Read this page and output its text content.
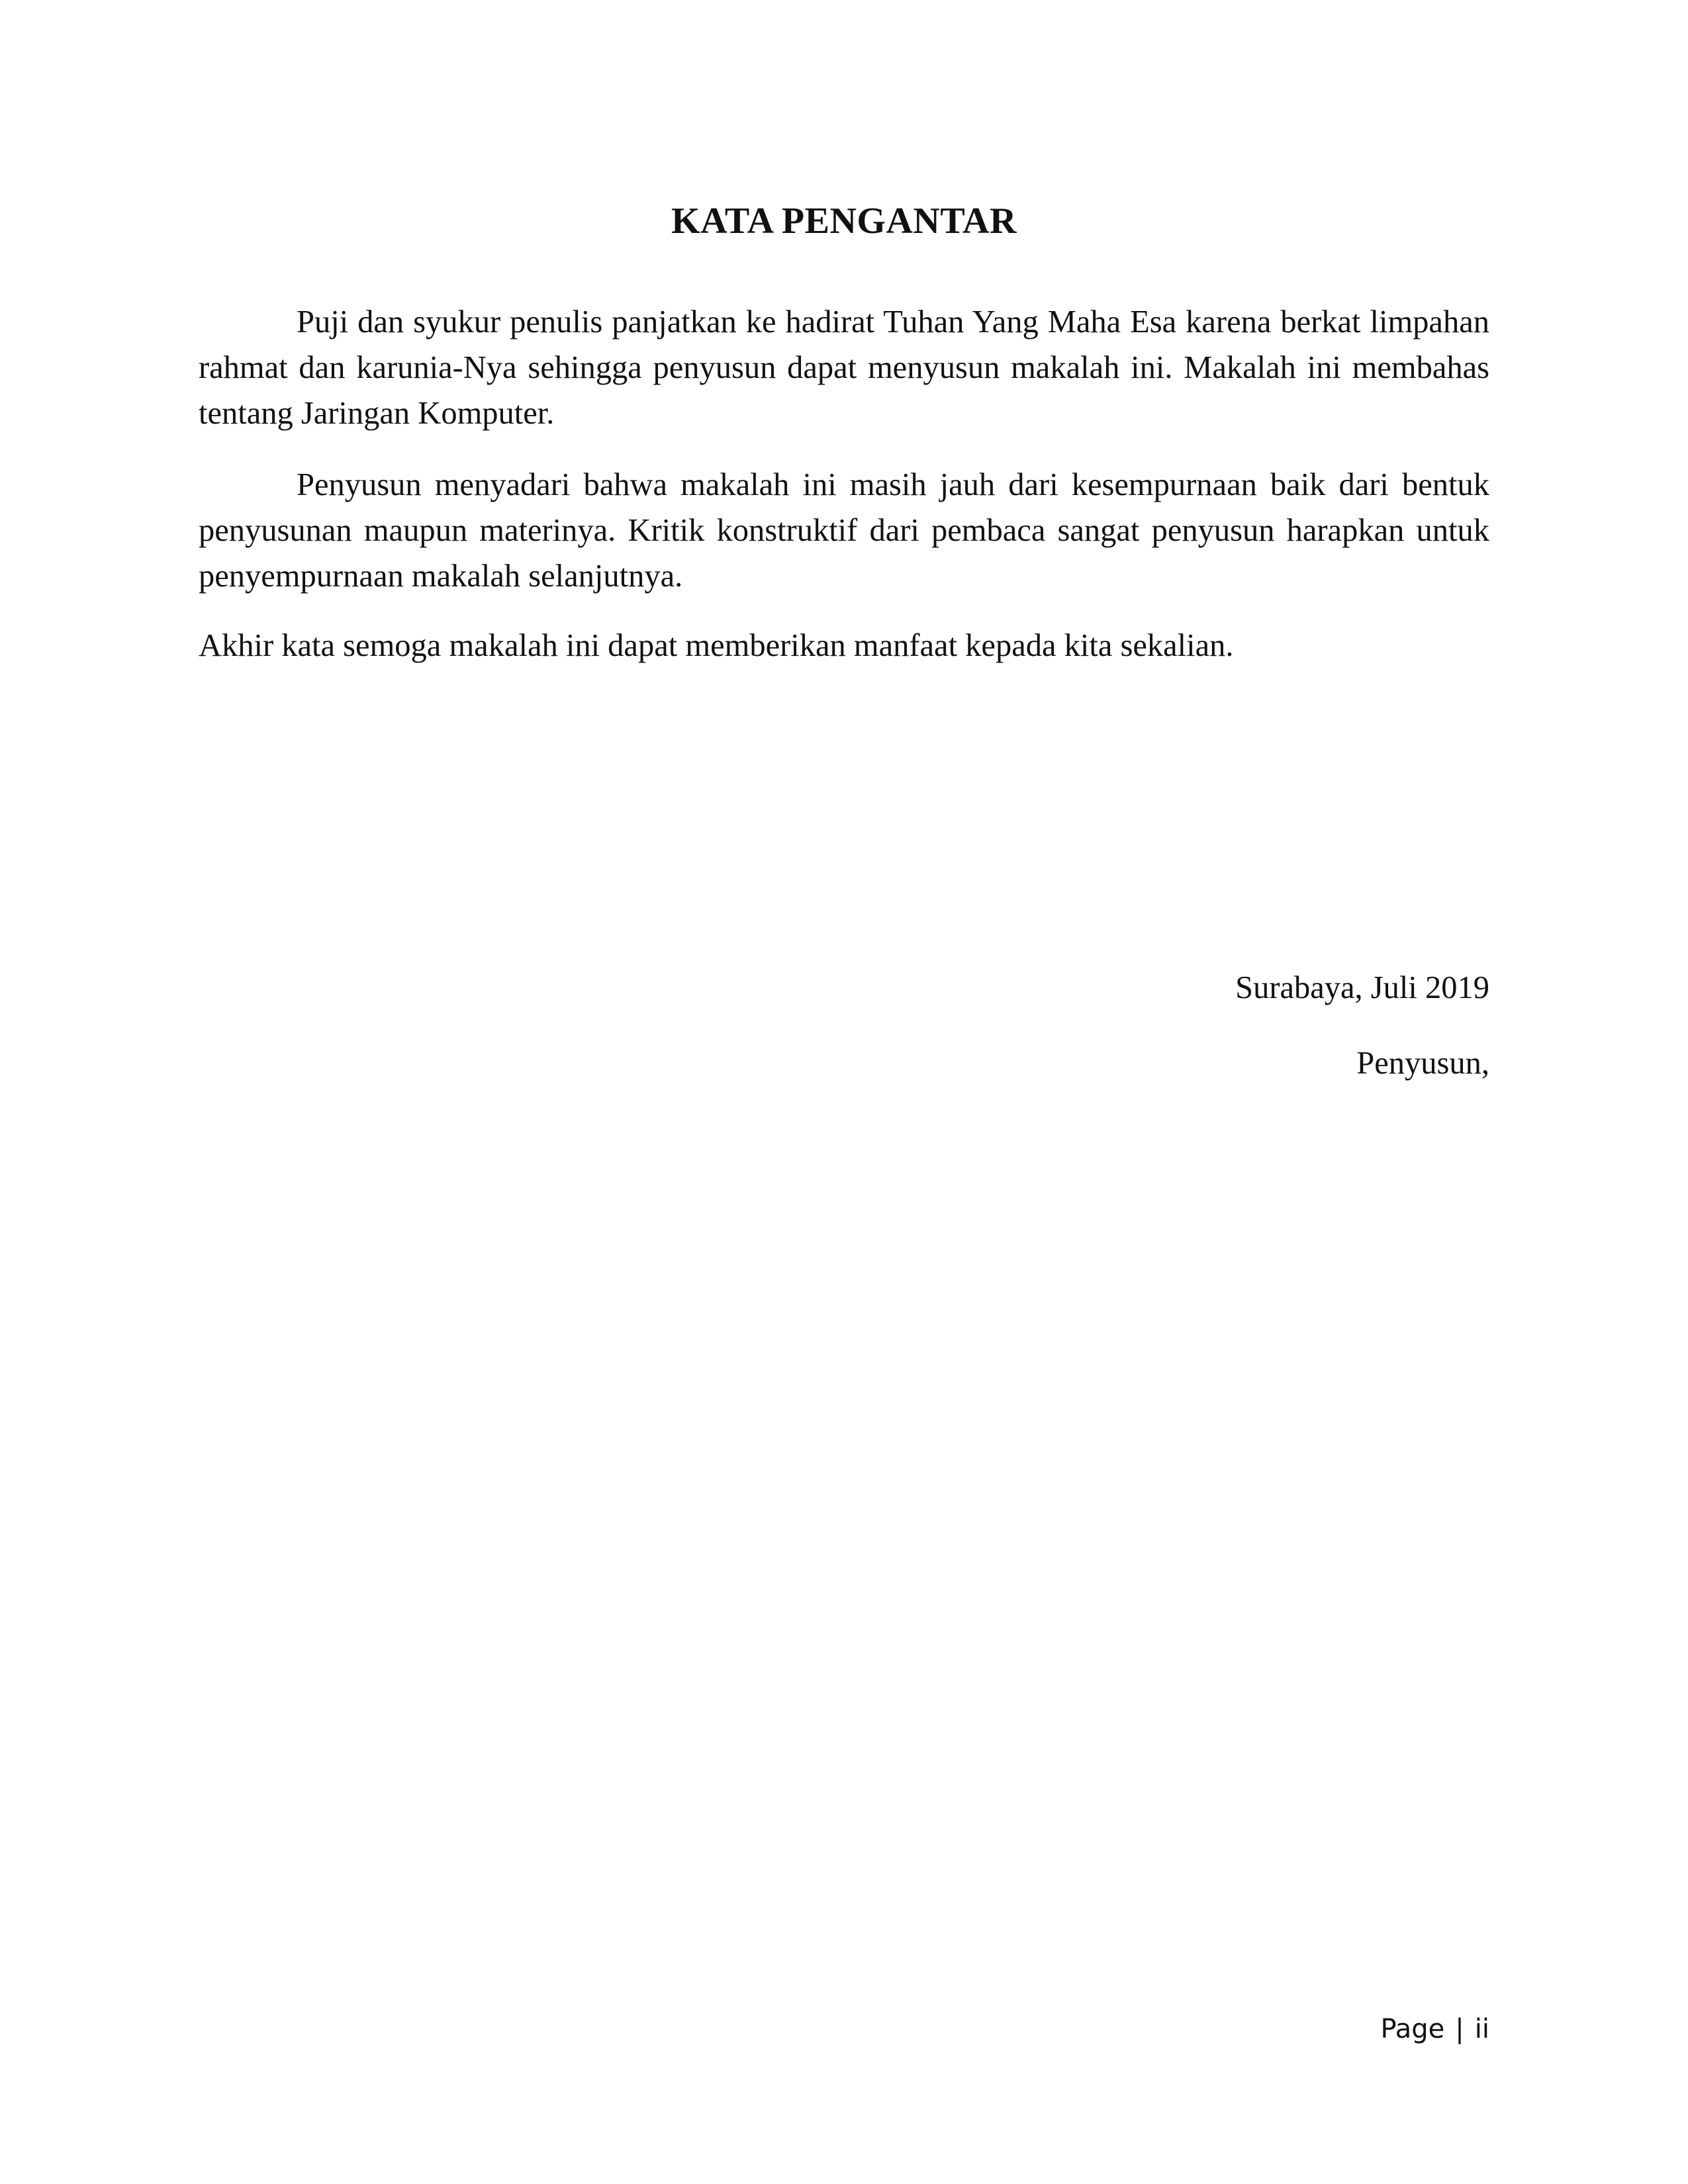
KATA PENGANTAR

Puji dan syukur penulis panjatkan ke hadirat Tuhan Yang Maha Esa karena berkat limpahan rahmat dan karunia-Nya sehingga penyusun dapat menyusun makalah ini. Makalah ini membahas tentang Jaringan Komputer.

Penyusun menyadari bahwa makalah ini masih jauh dari kesempurnaan baik dari bentuk penyusunan maupun materinya. Kritik konstruktif dari pembaca sangat penyusun harapkan untuk penyempurnaan makalah selanjutnya.

Akhir kata semoga makalah ini dapat memberikan manfaat kepada kita sekalian.

Surabaya, Juli 2019

Penyusun,

Page | ii
